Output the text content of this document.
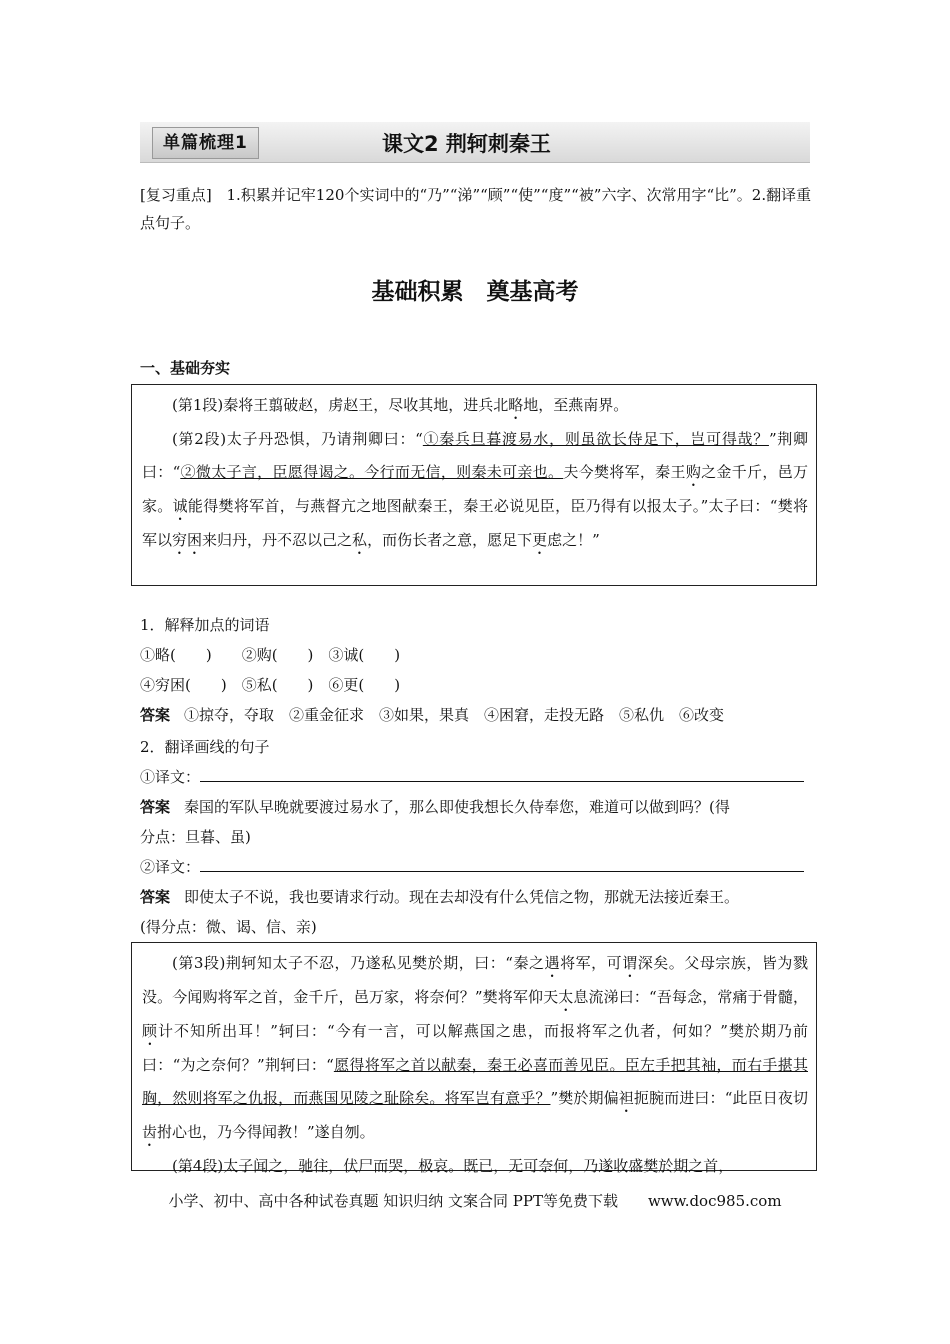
单篇梳理1	课文2 荆轲刺秦王
[复习重点] 1.积累并记牢120个实词中的“乃”“涕”“顾”“使”“度”“被”六字、次常用字“比”。2.翻译重点句子。
基础积累　奠基高考
一、基础夯实

(第1段)秦将王翦破赵，虏赵王，尽收其地，进兵北略地，至燕南界。

(第2段)太子丹恐惧，乃请荆卿曰：“①秦兵旦暮渡易水，则虽欲长侍足下，岂可得哉？”荆卿曰：“②微太子言，臣愿得谒之。今行而无信，则秦未可亲也。夫今樊将军，秦王购之金千斤，邑万家。诚能得樊将军首，与燕督亢之地图献秦王，秦王必说见臣，臣乃得有以报太子。”太子曰：“樊将军以穷困来归丹，丹不忍以己之私，而伤长者之意，愿足下更虑之！”

1．解释加点的词语
①略(　　)　　②购(　　)　③诚(　　)
④穷困(　　)　⑤私(　　)　⑥更(　　)
答案 ①掠夺，夺取　②重金征求　③如果，果真　④困窘，走投无路　⑤私仇　⑥改变
2．翻译画线的句子
①译文：
答案 秦国的军队早晚就要渡过易水了，那么即使我想长久侍奉您，难道可以做到吗？(得
分点：旦暮、虽)
②译文：
答案 即使太子不说，我也要请求行动。现在去却没有什么凭信之物，那就无法接近秦王。
(得分点：微、谒、信、亲)

(第3段)荆轲知太子不忍，乃遂私见樊於期，曰：“秦之遇将军，可谓深矣。父母宗族，皆为戮没。今闻购将军之首，金千斤，邑万家，将奈何？”樊将军仰天太息流涕曰：“吾每念，常痛于骨髓，顾计不知所出耳！”轲曰：“今有一言，可以解燕国之患，而报将军之仇者，何如？”樊於期乃前曰：“为之奈何？”荆轲曰：“愿得将军之首以献秦，秦王必喜而善见臣。臣左手把其袖，而右手揕其胸，然则将军之仇报，而燕国见陵之耻除矣。将军岂有意乎？”樊於期偏袒扼腕而进曰：“此臣日夜切齿拊心也，乃今得闻教！”遂自刎。

(第4段)太子闻之，驰往，伏尸而哭，极哀。既已，无可奈何，乃遂收盛樊於期之首，

小学、初中、高中各种试卷真题 知识归纳 文案合同 PPT等免费下载　　www.doc985.com
